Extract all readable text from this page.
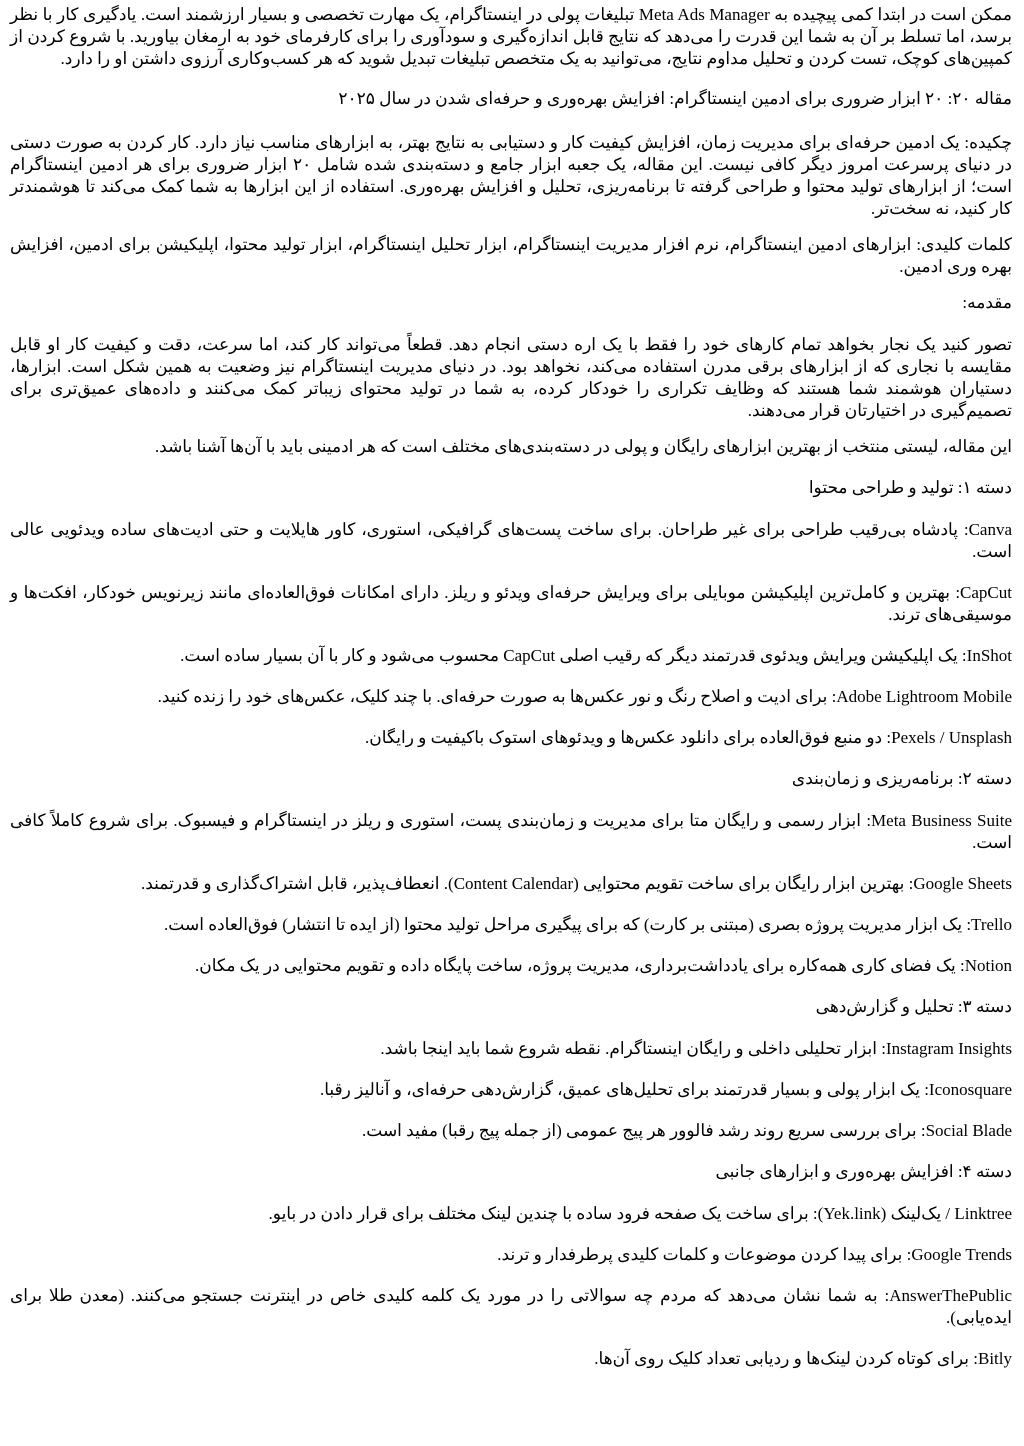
ممکن است در ابتدا کمی پیچیده به Meta Ads Manager تبلیغات پولی در اینستاگرام، یک مهارت تخصصی و بسیار ارزشمند است. یادگیری کار با نظر برسد، اما تسلط بر آن به شما این قدرت را می‌دهد که نتایج قابل اندازه‌گیری و سودآوری را برای کارفرمای خود به ارمغان بیاورید. با شروع کردن از کمپین‌های کوچک، تست کردن و تحلیل مداوم نتایج، می‌توانید به یک متخصص تبلیغات تبدیل شوید که هر کسب‌وکاری آرزوی داشتن او را دارد.

مقاله ۲۰: ۲۰ ابزار ضروری برای ادمین اینستاگرام: افزایش بهره‌وری و حرفه‌ای شدن در سال ۲۰۲۵

چکیده: یک ادمین حرفه‌ای برای مدیریت زمان، افزایش کیفیت کار و دستیابی به نتایج بهتر، به ابزارهای مناسب نیاز دارد. کار کردن به صورت دستی در دنیای پرسرعت امروز دیگر کافی نیست. این مقاله، یک جعبه ابزار جامع و دسته‌بندی شده شامل ۲۰ ابزار ضروری برای هر ادمین اینستاگرام است؛ از ابزارهای تولید محتوا و طراحی گرفته تا برنامه‌ریزی، تحلیل و افزایش بهره‌وری. استفاده از این ابزارها به شما کمک می‌کند تا هوشمندتر کار کنید، نه سخت‌تر.

کلمات کلیدی: ابزارهای ادمین اینستاگرام، نرم افزار مدیریت اینستاگرام، ابزار تحلیل اینستاگرام، ابزار تولید محتوا، اپلیکیشن برای ادمین، افزایش بهره وری ادمین.

مقدمه:

تصور کنید یک نجار بخواهد تمام کارهای خود را فقط با یک اره دستی انجام دهد. قطعاً می‌تواند کار کند، اما سرعت، دقت و کیفیت کار او قابل مقایسه با نجاری که از ابزارهای برقی مدرن استفاده می‌کند، نخواهد بود. در دنیای مدیریت اینستاگرام نیز وضعیت به همین شکل است. ابزارها، دستیاران هوشمند شما هستند که وظایف تکراری را خودکار کرده، به شما در تولید محتوای زیباتر کمک می‌کنند و داده‌های عمیق‌تری برای تصمیم‌گیری در اختیارتان قرار می‌دهند.

این مقاله، لیستی منتخب از بهترین ابزارهای رایگان و پولی در دسته‌بندی‌های مختلف است که هر ادمینی باید با آن‌ها آشنا باشد.

دسته ۱: تولید و طراحی محتوا

Canva: پادشاه بی‌رقیب طراحی برای غیر طراحان. برای ساخت پست‌های گرافیکی، استوری، کاور هایلایت و حتی ادیت‌های ساده ویدئویی عالی است.

CapCut: بهترین و کامل‌ترین اپلیکیشن موبایلی برای ویرایش حرفه‌ای ویدئو و ریلز. دارای امکانات فوق‌العاده‌ای مانند زیرنویس خودکار، افکت‌ها و موسیقی‌های ترند.

InShot: یک اپلیکیشن ویرایش ویدئوی قدرتمند دیگر که رقیب اصلی CapCut محسوب می‌شود و کار با آن بسیار ساده است.

Adobe Lightroom Mobile: برای ادیت و اصلاح رنگ و نور عکس‌ها به صورت حرفه‌ای. با چند کلیک، عکس‌های خود را زنده کنید.

Pexels / Unsplash: دو منبع فوق‌العاده برای دانلود عکس‌ها و ویدئوهای استوک باکیفیت و رایگان.

دسته ۲: برنامه‌ریزی و زمان‌بندی

Meta Business Suite: ابزار رسمی و رایگان متا برای مدیریت و زمان‌بندی پست، استوری و ریلز در اینستاگرام و فیسبوک. برای شروع کاملاً کافی است.

Google Sheets: بهترین ابزار رایگان برای ساخت تقویم محتوایی (Content Calendar). انعطاف‌پذیر، قابل اشتراک‌گذاری و قدرتمند.

Trello: یک ابزار مدیریت پروژه بصری (مبتنی بر کارت) که برای پیگیری مراحل تولید محتوا (از ایده تا انتشار) فوق‌العاده است.

Notion: یک فضای کاری همه‌کاره برای یادداشت‌برداری، مدیریت پروژه، ساخت پایگاه داده و تقویم محتوایی در یک مکان.

دسته ۳: تحلیل و گزارش‌دهی

Instagram Insights: ابزار تحلیلی داخلی و رایگان اینستاگرام. نقطه شروع شما باید اینجا باشد.

Iconosquare: یک ابزار پولی و بسیار قدرتمند برای تحلیل‌های عمیق، گزارش‌دهی حرفه‌ای، و آنالیز رقبا.

Social Blade: برای بررسی سریع روند رشد فالوور هر پیج عمومی (از جمله پیج رقبا) مفید است.

دسته ۴: افزایش بهره‌وری و ابزارهای جانبی

Linktree / یک‌لینک (Yek.link): برای ساخت یک صفحه فرود ساده با چندین لینک مختلف برای قرار دادن در بایو.

Google Trends: برای پیدا کردن موضوعات و کلمات کلیدی پرطرفدار و ترند.

AnswerThePublic: به شما نشان می‌دهد که مردم چه سوالاتی را در مورد یک کلمه کلیدی خاص در اینترنت جستجو می‌کنند. (معدن طلا برای ایده‌یابی).

Bitly: برای کوتاه کردن لینک‌ها و ردیابی تعداد کلیک روی آن‌ها.
